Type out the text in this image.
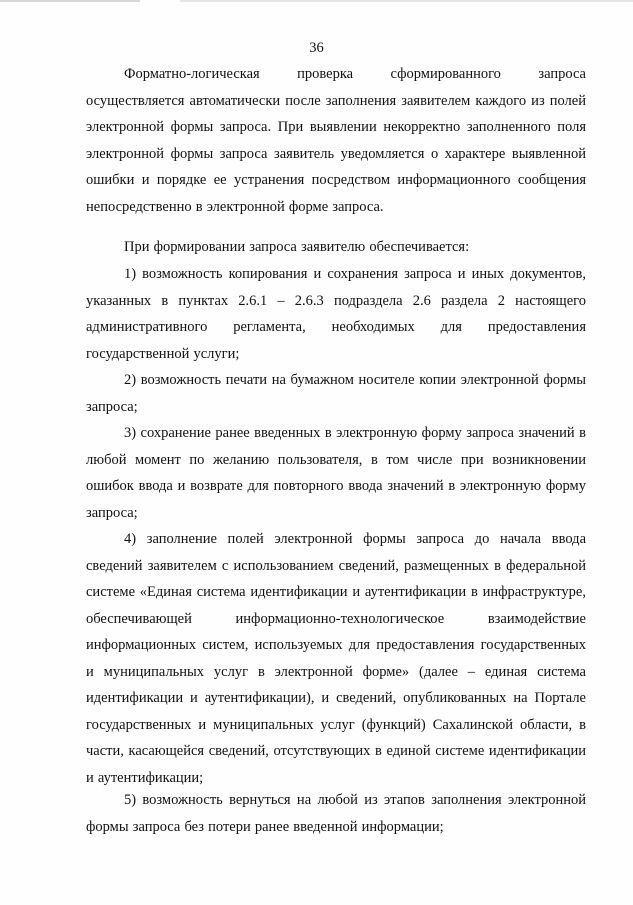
36

Форматно-логическая проверка сформированного запроса осуществляется автоматически после заполнения заявителем каждого из полей электронной формы запроса. При выявлении некорректно заполненного поля электронной формы запроса заявитель уведомляется о характере выявленной ошибки и порядке ее устранения посредством информационного сообщения непосредственно в электронной форме запроса.

При формировании запроса заявителю обеспечивается:

1) возможность копирования и сохранения запроса и иных документов, указанных в пунктах 2.6.1 – 2.6.3 подраздела 2.6 раздела 2 настоящего административного регламента, необходимых для предоставления государственной услуги;

2) возможность печати на бумажном носителе копии электронной формы запроса;

3) сохранение ранее введенных в электронную форму запроса значений в любой момент по желанию пользователя, в том числе при возникновении ошибок ввода и возврате для повторного ввода значений в электронную форму запроса;

4) заполнение полей электронной формы запроса до начала ввода сведений заявителем с использованием сведений, размещенных в федеральной системе «Единая система идентификации и аутентификации в инфраструктуре, обеспечивающей информационно-технологическое взаимодействие информационных систем, используемых для предоставления государственных и муниципальных услуг в электронной форме» (далее – единая система идентификации и аутентификации), и сведений, опубликованных на Портале государственных и муниципальных услуг (функций) Сахалинской области, в части, касающейся сведений, отсутствующих в единой системе идентификации и аутентификации;

5) возможность вернуться на любой из этапов заполнения электронной формы запроса без потери ранее введенной информации;
